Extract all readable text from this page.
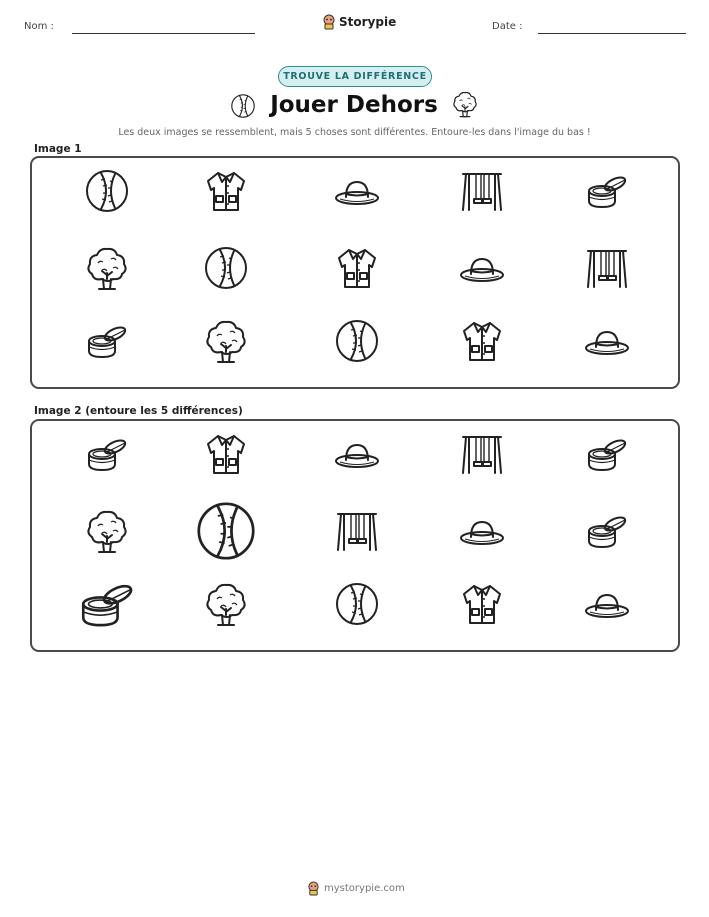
Nom :	Storypie	Date :
TROUVE LA DIFFÉRENCE
Jouer Dehors
Les deux images se ressemblent, mais 5 choses sont différentes. Entoure-les dans l'image du bas !
Image 1
Image 2 (entoure les 5 différences)
mystorypie.com
